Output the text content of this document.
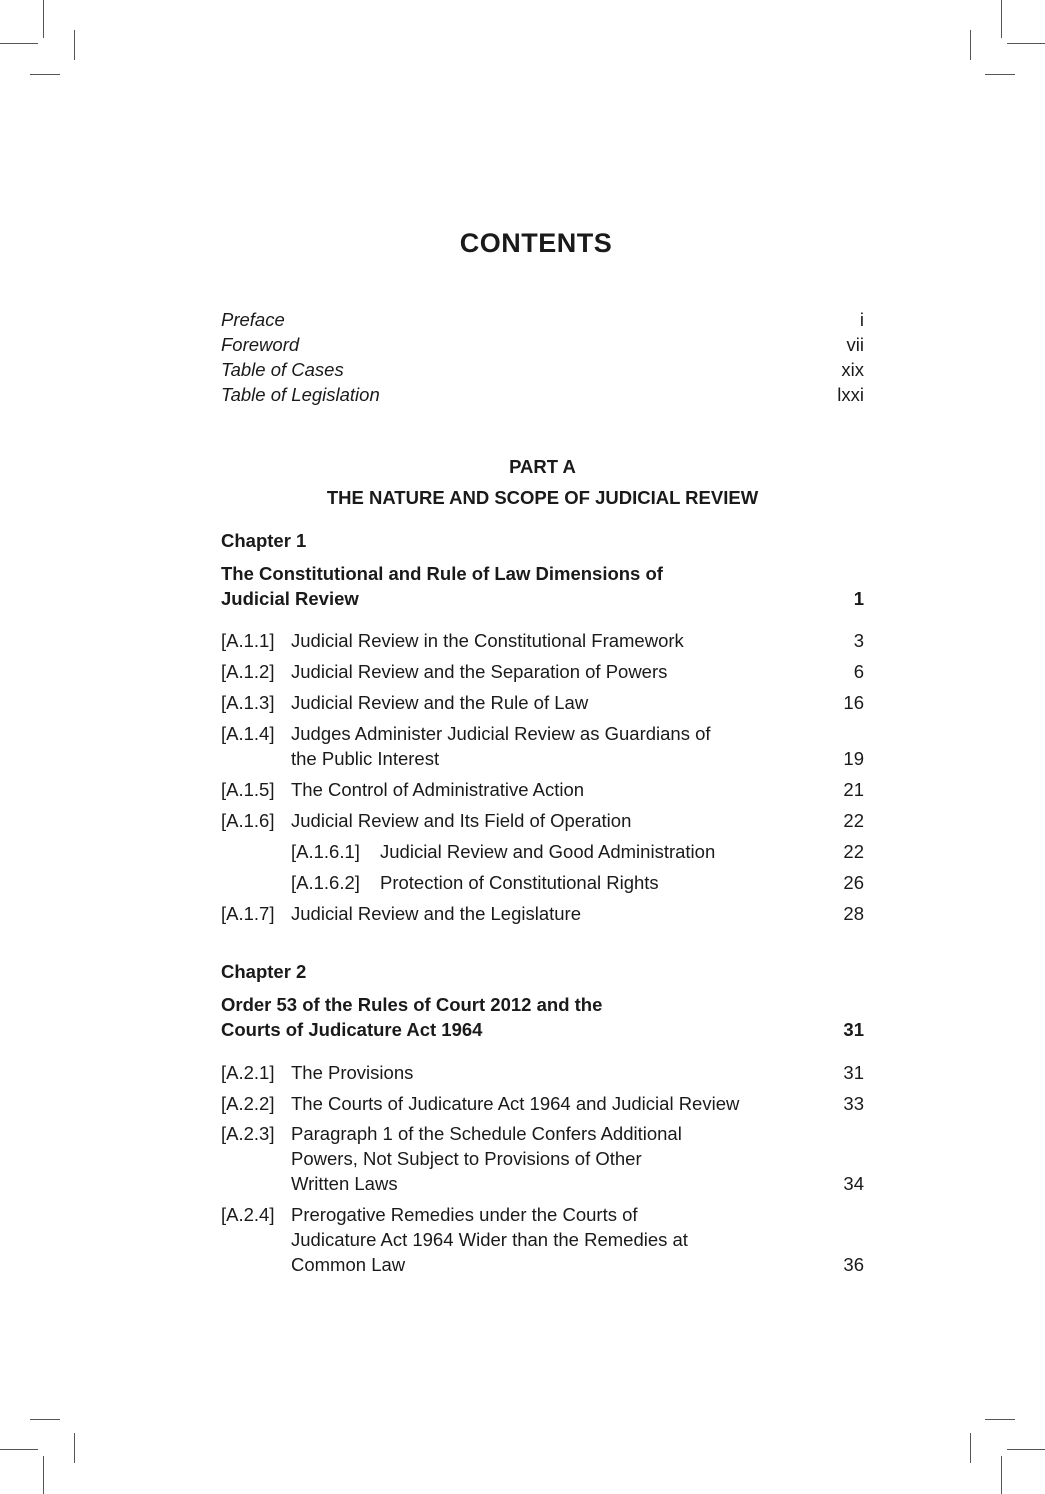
CONTENTS
Preface	i
Foreword	vii
Table of Cases	xix
Table of Legislation	lxxi
PART A
THE NATURE AND SCOPE OF JUDICIAL REVIEW
Chapter 1
The Constitutional and Rule of Law Dimensions of Judicial Review	1
[A.1.1] Judicial Review in the Constitutional Framework	3
[A.1.2] Judicial Review and the Separation of Powers	6
[A.1.3] Judicial Review and the Rule of Law	16
[A.1.4] Judges Administer Judicial Review as Guardians of the Public Interest	19
[A.1.5] The Control of Administrative Action	21
[A.1.6] Judicial Review and Its Field of Operation	22
[A.1.6.1] Judicial Review and Good Administration	22
[A.1.6.2] Protection of Constitutional Rights	26
[A.1.7] Judicial Review and the Legislature	28
Chapter 2
Order 53 of the Rules of Court 2012 and the Courts of Judicature Act 1964	31
[A.2.1] The Provisions	31
[A.2.2] The Courts of Judicature Act 1964 and Judicial Review	33
[A.2.3] Paragraph 1 of the Schedule Confers Additional Powers, Not Subject to Provisions of Other Written Laws	34
[A.2.4] Prerogative Remedies under the Courts of Judicature Act 1964 Wider than the Remedies at Common Law	36
